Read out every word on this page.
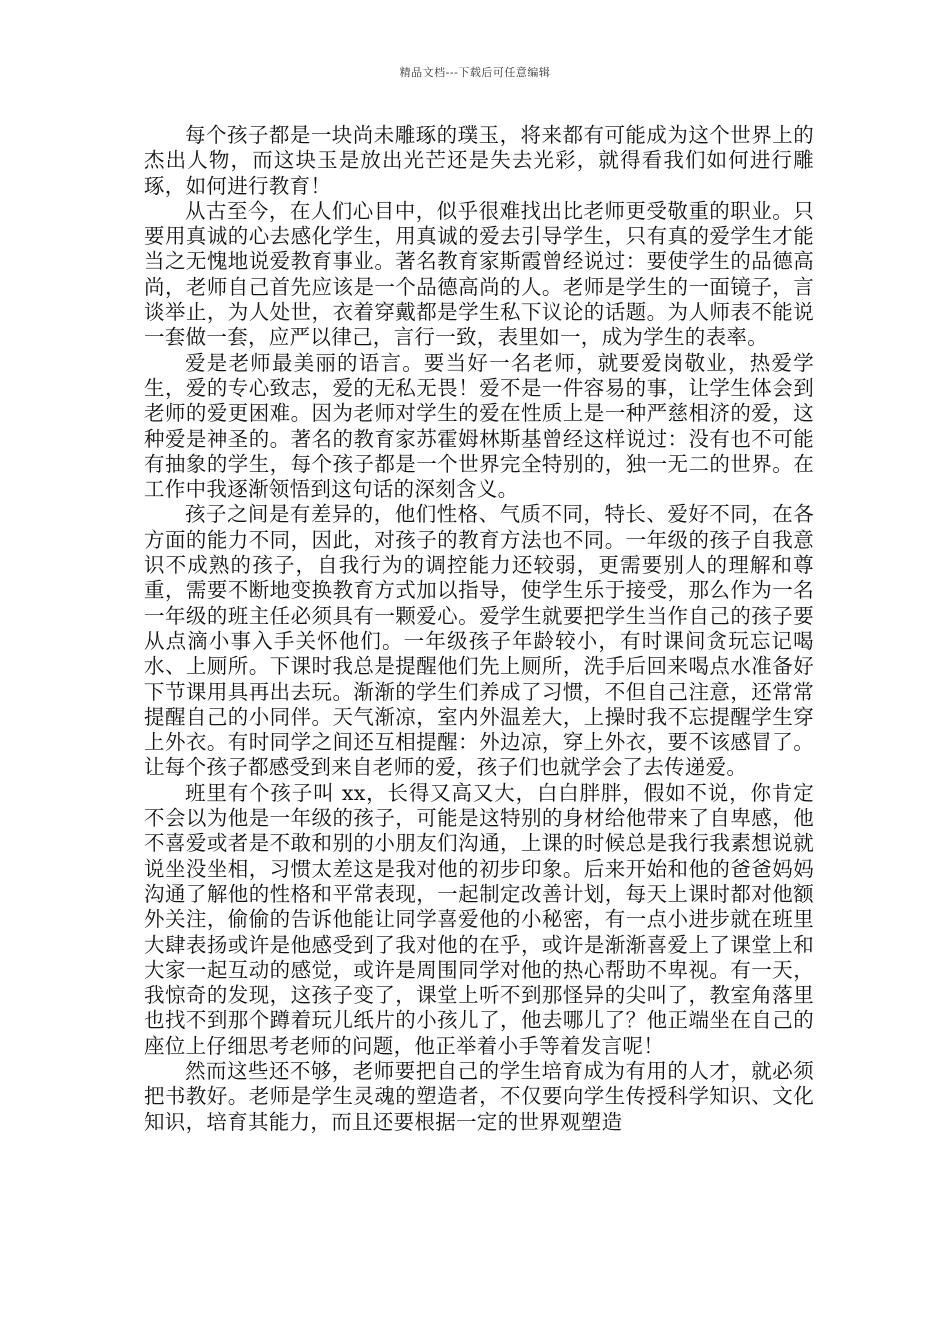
精品文档---下载后可任意编辑

每个孩子都是一块尚未雕琢的璞玉，将来都有可能成为这个世界上的杰出人物，而这块玉是放出光芒还是失去光彩，就得看我们如何进行雕琢，如何进行教育！

从古至今，在人们心目中，似乎很难找出比老师更受敬重的职业。只要用真诚的心去感化学生，用真诚的爱去引导学生，只有真的爱学生才能当之无愧地说爱教育事业。著名教育家斯霞曾经说过：要使学生的品德高尚，老师自己首先应该是一个品德高尚的人。老师是学生的一面镜子，言谈举止，为人处世，衣着穿戴都是学生私下议论的话题。为人师表不能说一套做一套，应严以律己，言行一致，表里如一，成为学生的表率。

爱是老师最美丽的语言。要当好一名老师，就要爱岗敬业，热爱学生，爱的专心致志，爱的无私无畏！爱不是一件容易的事，让学生体会到老师的爱更困难。因为老师对学生的爱在性质上是一种严慈相济的爱，这种爱是神圣的。著名的教育家苏霍姆林斯基曾经这样说过：没有也不可能有抽象的学生，每个孩子都是一个世界完全特别的，独一无二的世界。在工作中我逐渐领悟到这句话的深刻含义。

孩子之间是有差异的，他们性格、气质不同，特长、爱好不同，在各方面的能力不同，因此，对孩子的教育方法也不同。一年级的孩子自我意识不成熟的孩子，自我行为的调控能力还较弱，更需要别人的理解和尊重，需要不断地变换教育方式加以指导，使学生乐于接受，那么作为一名一年级的班主任必须具有一颗爱心。爱学生就要把学生当作自己的孩子要从点滴小事入手关怀他们。一年级孩子年龄较小，有时课间贪玩忘记喝水、上厕所。下课时我总是提醒他们先上厕所，洗手后回来喝点水准备好下节课用具再出去玩。渐渐的学生们养成了习惯，不但自己注意，还常常提醒自己的小同伴。天气渐凉，室内外温差大，上操时我不忘提醒学生穿上外衣。有时同学之间还互相提醒：外边凉，穿上外衣，要不该感冒了。让每个孩子都感受到来自老师的爱，孩子们也就学会了去传递爱。

班里有个孩子叫 xx，长得又高又大，白白胖胖，假如不说，你肯定不会以为他是一年级的孩子，可能是这特别的身材给他带来了自卑感，他不喜爱或者是不敢和别的小朋友们沟通，上课的时候总是我行我素想说就说坐没坐相，习惯太差这是我对他的初步印象。后来开始和他的爸爸妈妈沟通了解他的性格和平常表现，一起制定改善计划，每天上课时都对他额外关注，偷偷的告诉他能让同学喜爱他的小秘密，有一点小进步就在班里大肆表扬或许是他感受到了我对他的在乎，或许是渐渐喜爱上了课堂上和大家一起互动的感觉，或许是周围同学对他的热心帮助不卑视。有一天，我惊奇的发现，这孩子变了，课堂上听不到那怪异的尖叫了，教室角落里也找不到那个蹲着玩儿纸片的小孩儿了，他去哪儿了？他正端坐在自己的座位上仔细思考老师的问题，他正举着小手等着发言呢！

然而这些还不够，老师要把自己的学生培育成为有用的人才，就必须把书教好。老师是学生灵魂的塑造者，不仅要向学生传授科学知识、文化知识，培育其能力，而且还要根据一定的世界观塑造
